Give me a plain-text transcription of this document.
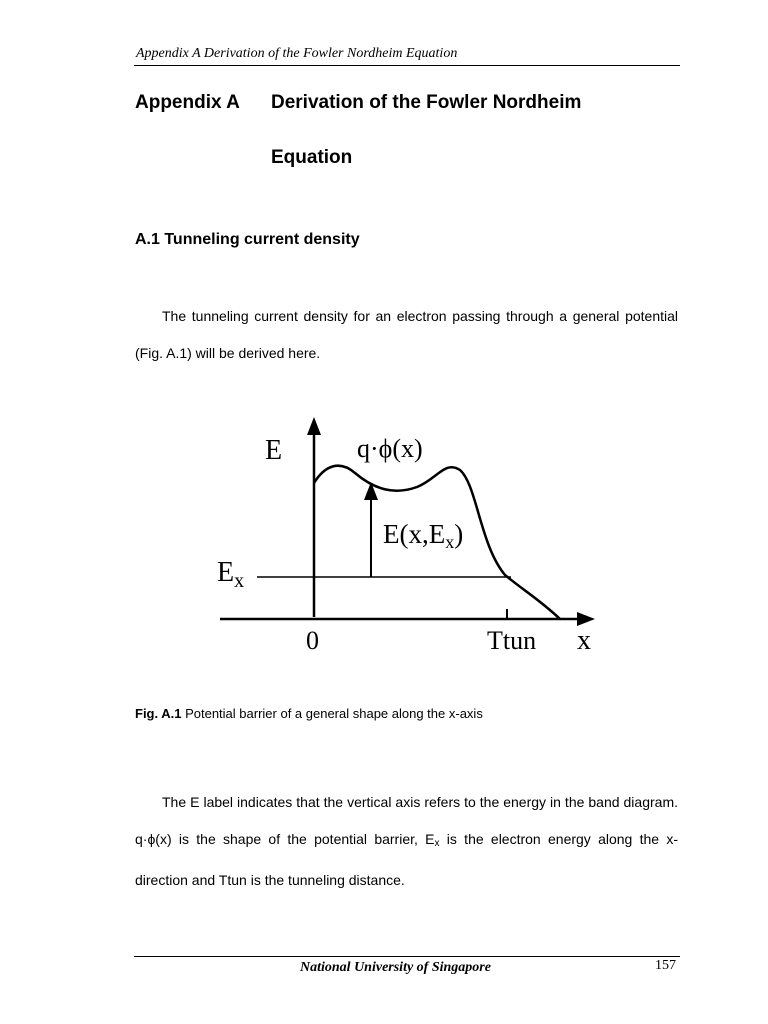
Appendix A Derivation of the Fowler Nordheim Equation
Appendix A	Derivation of the Fowler Nordheim Equation
A.1 Tunneling current density

The tunneling current density for an electron passing through a general potential (Fig. A.1) will be derived here.

E	q·ϕ(x)
E(x,Ex)
$E_x$
0	Ttun x
Fig. A.1 Potential barrier of a general shape along the x-axis

The E label indicates that the vertical axis refers to the energy in the band diagram. q·ϕ(x) is the shape of the potential barrier, $E_x$ is the electron energy along the x-direction and Ttun is the tunneling distance.

National University of Singapore	157
